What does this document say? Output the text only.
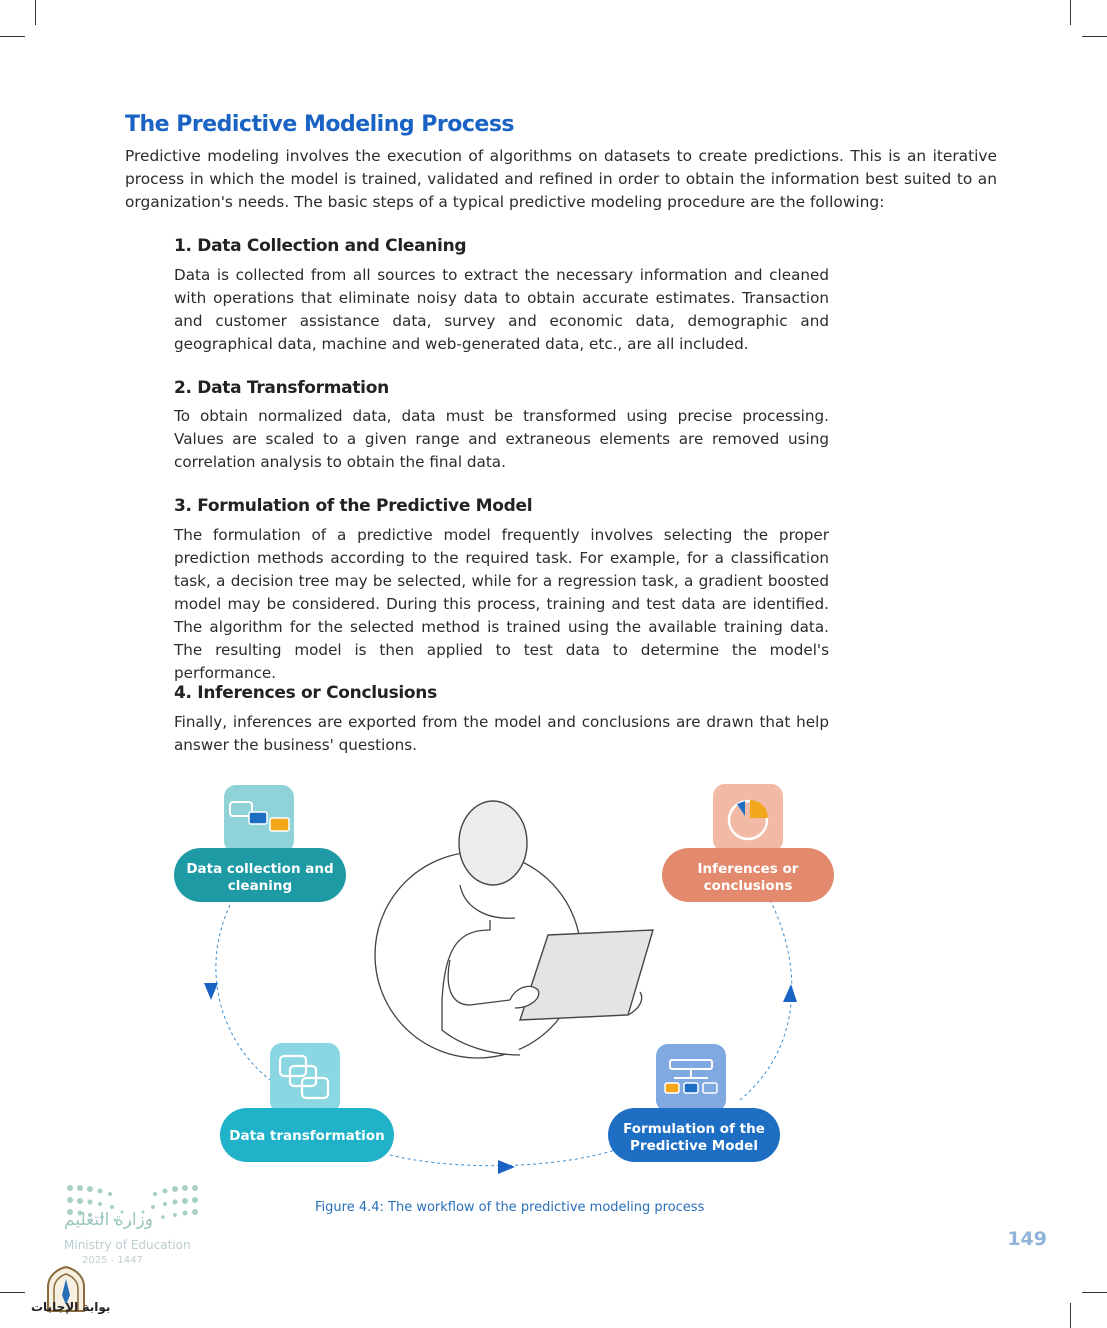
The Predictive Modeling Process

Predictive modeling involves the execution of algorithms on datasets to create predictions. This is an iterative process in which the model is trained, validated and refined in order to obtain the information best suited to an organization's needs. The basic steps of a typical predictive modeling procedure are the following:

1. Data Collection and Cleaning

Data is collected from all sources to extract the necessary information and cleaned with operations that eliminate noisy data to obtain accurate estimates. Transaction and customer assistance data, survey and economic data, demographic and geographical data, machine and web-generated data, etc., are all included.

2. Data Transformation

To obtain normalized data, data must be transformed using precise processing. Values are scaled to a given range and extraneous elements are removed using correlation analysis to obtain the final data.

3. Formulation of the Predictive Model

The formulation of a predictive model frequently involves selecting the proper prediction methods according to the required task. For example, for a classification task, a decision tree may be selected, while for a regression task, a gradient boosted model may be considered. During this process, training and test data are identified. The algorithm for the selected method is trained using the available training data. The resulting model is then applied to test data to determine the model's performance.

4. Inferences or Conclusions

Finally, inferences are exported from the model and conclusions are drawn that help answer the business' questions.

Data collection and
cleaning
Inferences or
conclusions
Formulation of the
Predictive Model
Data transformation

Figure 4.4: The workflow of the predictive modeling process

149

وزارة التعليم

Ministry of Education

2025 - 1447

بوابة الإجابات
